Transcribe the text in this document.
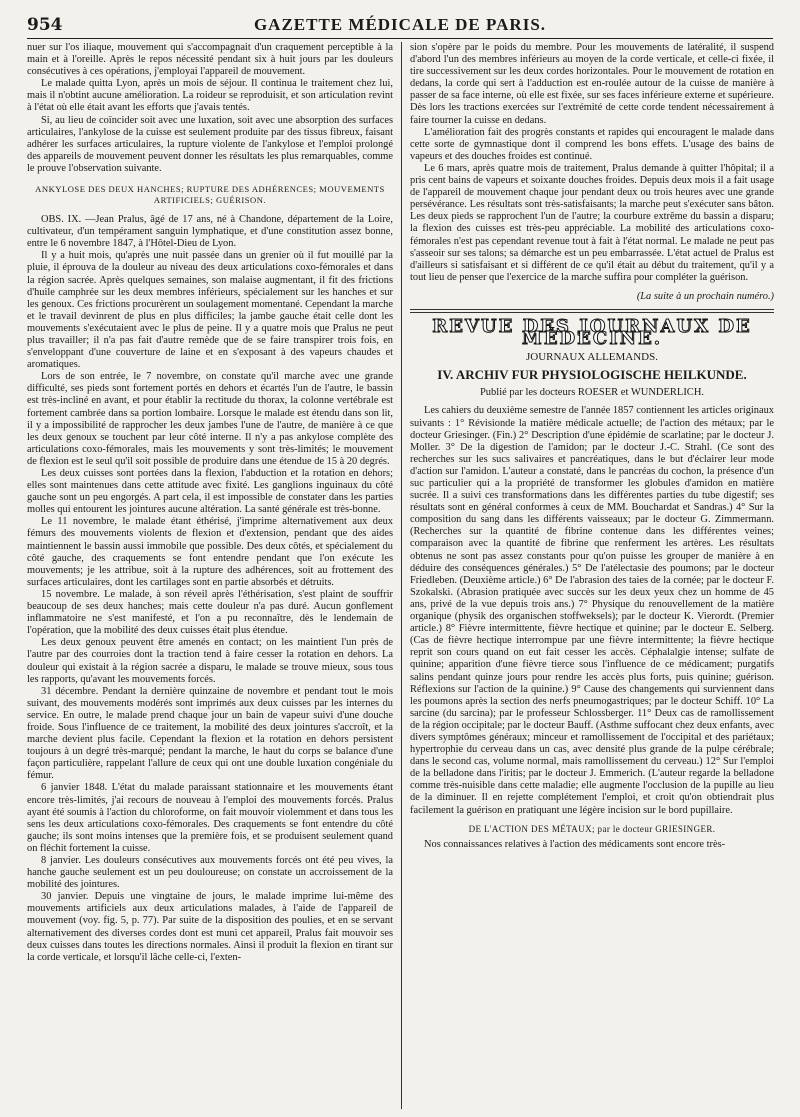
954	GAZETTE MÉDICALE DE PARIS.

nuer sur l'os iliaque, mouvement qui s'accompagnait d'un craquement perceptible à la main et à l'oreille. Après le repos nécessité pendant six à huit jours par les douleurs consécutives à ces opérations, j'employai l'appareil de mouvement.

Le malade quitta Lyon, après un mois de séjour. Il continua le traitement chez lui, mais il n'obtint aucune amélioration. La roideur se reproduisit, et son articulation revint à l'état où elle était avant les efforts que j'avais tentés.

Si, au lieu de coïncider soit avec une luxation, soit avec une absorption des surfaces articulaires, l'ankylose de la cuisse est seulement produite par des tissus fibreux, faisant adhérer les surfaces articulaires, la rupture violente de l'ankylose et l'emploi prolongé des appareils de mouvement peuvent donner les résultats les plus remarquables, comme le prouve l'observation suivante.

ANKYLOSE DES DEUX HANCHES; RUPTURE DES ADHÉRENCES; MOUVEMENTS ARTIFICIELS; GUÉRISON.

OBS. IX. —Jean Pralus, âgé de 17 ans, né à Chandone, département de la Loire, cultivateur, d'un tempérament sanguin lymphatique, et d'une constitution assez bonne, entre le 6 novembre 1847, à l'Hôtel-Dieu de Lyon.

Il y a huit mois, qu'après une nuit passée dans un grenier où il fut mouillé par la pluie, il éprouva de la douleur au niveau des deux articulations coxo-fémorales et dans la région sacrée. Après quelques semaines, son malaise augmentant, il fit des frictions d'huile camphrée sur les deux membres inférieurs, spécialement sur les hanches et sur les genoux. Ces frictions procurèrent un soulagement momentané. Cependant la marche et le travail devinrent de plus en plus difficiles; la jambe gauche était celle dont les mouvements s'exécutaient avec le plus de peine. Il y a quatre mois que Pralus ne peut plus travailler; il n'a pas fait d'autre remède que de se faire transpirer trois fois, en s'enveloppant d'une couverture de laine et en s'exposant à des vapeurs chaudes et aromatiques.

Lors de son entrée, le 7 novembre, on constate qu'il marche avec une grande difficulté, ses pieds sont fortement portés en dehors et écartés l'un de l'autre, le bassin est très-incliné en avant, et pour établir la rectitude du thorax, la colonne vertébrale est fortement cambrée dans sa portion lombaire. Lorsque le malade est étendu dans son lit, il y a impossibilité de rapprocher les deux jambes l'une de l'autre, de manière à ce que les deux genoux se touchent par leur côté interne. Il n'y a pas ankylose complète des articulations coxo-fémorales, mais les mouvements y sont très-limités; le mouvement de flexion est le seul qu'il soit possible de produire dans une étendue de 15 à 20 degrés.

Les deux cuisses sont portées dans la flexion, l'abduction et la rotation en dehors; elles sont maintenues dans cette attitude avec fixité. Les ganglions inguinaux du côté gauche sont un peu engorgés. A part cela, il est impossible de constater dans les parties molles qui entourent les jointures aucune altération. La santé générale est très-bonne.

Le 11 novembre, le malade étant éthérisé, j'imprime alternativement aux deux fémurs des mouvements violents de flexion et d'extension, pendant que des aides maintiennent le bassin aussi immobile que possible. Des deux côtés, et spécialement du côté gauche, des craquements se font entendre pendant que l'on exécute les mouvements; je les attribue, soit à la rupture des adhérences, soit au frottement des surfaces articulaires, dont les cartilages sont en partie absorbés et détruits.

15 novembre. Le malade, à son réveil après l'éthérisation, s'est plaint de souffrir beaucoup de ses deux hanches; mais cette douleur n'a pas duré. Aucun gonflement inflammatoire ne s'est manifesté, et l'on a pu reconnaître, dès le lendemain de l'opération, que la mobilité des deux cuisses était plus étendue.

Les deux genoux peuvent être amenés en contact; on les maintient l'un près de l'autre par des courroies dont la traction tend à faire cesser la rotation en dehors. La douleur qui existait à la région sacrée a disparu, le malade se trouve mieux, sous tous les rapports, qu'avant les mouvements forcés.

31 décembre. Pendant la dernière quinzaine de novembre et pendant tout le mois suivant, des mouvements modérés sont imprimés aux deux cuisses par les internes du service. En outre, le malade prend chaque jour un bain de vapeur suivi d'une douche froide. Sous l'influence de ce traitement, la mobilité des deux jointures s'accroît, et la marche devient plus facile. Cependant la flexion et la rotation en dehors persistent toujours à un degré très-marqué; pendant la marche, le haut du corps se balance d'une façon particulière, rappelant l'allure de ceux qui ont une double luxation congéniale du fémur.

6 janvier 1848. L'état du malade paraissant stationnaire et les mouvements étant encore très-limités, j'ai recours de nouveau à l'emploi des mouvements forcés. Pralus ayant été soumis à l'action du chloroforme, on fait mouvoir violemment et dans tous les sens les deux articulations coxo-fémorales. Des craquements se font entendre du côté gauche; ils sont moins intenses que la première fois, et se produisent seulement quand on fléchit fortement la cuisse.

8 janvier. Les douleurs consécutives aux mouvements forcés ont été peu vives, la hanche gauche seulement est un peu douloureuse; on constate un accroissement de la mobilité des jointures.

30 janvier. Depuis une vingtaine de jours, le malade imprime lui-même des mouvements artificiels aux deux articulations malades, à l'aide de l'appareil de mouvement (voy. fig. 5, p. 77). Par suite de la disposition des poulies, et en se servant alternativement des diverses cordes dont est muni cet appareil, Pralus fait mouvoir ses deux cuisses dans toutes les directions normales. Ainsi il produit la flexion en tirant sur la corde verticale, et lorsqu'il lâche celle-ci, l'exten-

sion s'opère par le poids du membre. Pour les mouvements de latéralité, il suspend d'abord l'un des membres inférieurs au moyen de la corde verticale, et celle-ci fixée, il tire successivement sur les deux cordes horizontales. Pour le mouvement de rotation en dedans, la corde qui sert à l'adduction est en-roulée autour de la cuisse de manière à passer de sa face interne, où elle est fixée, sur ses faces inférieure externe et supérieure. Dès lors les tractions exercées sur l'extrémité de cette corde tendent nécessairement à faire tourner la cuisse en dedans.

L'amélioration fait des progrès constants et rapides qui encouragent le malade dans cette sorte de gymnastique dont il comprend les bons effets. L'usage des bains de vapeurs et des douches froides est continué.

Le 6 mars, après quatre mois de traitement, Pralus demande à quitter l'hôpital; il a pris cent bains de vapeurs et soixante douches froides. Depuis deux mois il a fait usage de l'appareil de mouvement chaque jour pendant deux ou trois heures avec une grande persévérance. Les résultats sont très-satisfaisants; la marche peut s'exécuter sans bâton. Les deux pieds se rapprochent l'un de l'autre; la courbure extrême du bassin a disparu; la flexion des cuisses est très-peu appréciable. La mobilité des articulations coxo-fémorales n'est pas cependant revenue tout à fait à l'état normal. Le malade ne peut pas s'asseoir sur ses talons; sa démarche est un peu embarrassée. L'état actuel de Pralus est d'ailleurs si satisfaisant et si différent de ce qu'il était au début du traitement, qu'il y a tout lieu de penser que l'exercice de la marche suffira pour compléter la guérison.

(La suite à un prochain numéro.)
REVUE DES JOURNAUX DE MÉDECINE.
JOURNAUX ALLEMANDS.
IV. ARCHIV FUR PHYSIOLOGISCHE HEILKUNDE.
Publié par les docteurs ROESER et WUNDERLICH.

Les cahiers du deuxième semestre de l'année 1857 contiennent les articles originaux suivants : 1° Révisionde la matière médicale actuelle; de l'action des métaux; par le docteur Griesinger. (Fin.) 2° Description d'une épidémie de scarlatine; par le docteur J. Moller. 3° De la digestion de l'amidon; par le docteur J.-C. Strahl. (Ce sont des recherches sur les sucs salivaires et pancréatiques, dans le but d'éclairer leur mode d'action sur l'amidon. L'auteur a constaté, dans le pancréas du cochon, la présence d'un suc particulier qui a la propriété de transformer les globules d'amidon en matière sucrée. Il a suivi ces transformations dans les différentes parties du tube digestif; ses résultats sont en général conformes à ceux de MM. Bouchardat et Sandras.) 4° Sur la composition du sang dans les différents vaisseaux; par le docteur G. Zimmermann. (Recherches sur la quantité de fibrine contenue dans les différentes veines; comparaison avec la quantité de fibrine que renferment les artères. Les résultats obtenus ne sont pas assez constants pour qu'on puisse les grouper de manière à en déduire des conséquences générales.) 5° De l'atélectasie des poumons; par le docteur Friedleben. (Deuxième article.) 6° De l'abrasion des taies de la cornée; par le docteur F. Szokalski. (Abrasion pratiquée avec succès sur les deux yeux chez un homme de 45 ans, privé de la vue depuis trois ans.) 7° Physique du renouvellement de la matière organique (physik des organischen stoffweksels); par le docteur K. Vierordt. (Premier article.) 8° Fièvre intermittente, fièvre hectique et quinine; par le docteur E. Selberg. (Cas de fièvre hectique interrompue par une fièvre intermittente; la fièvre hectique reprit son cours quand on eut fait cesser les accès. Céphalalgie intense; sulfate de quinine; apparition d'une fièvre tierce sous l'influence de ce médicament; purgatifs salins pendant quinze jours pour rendre les accès plus forts, puis quinine; guérison. Réflexions sur l'action de la quinine.) 9° Cause des changements qui surviennent dans les poumons après la section des nerfs pneumogastriques; par le docteur Schiff. 10° La sarcine (du sarcina); par le professeur Schlossberger. 11° Deux cas de ramollissement de la région occipitale; par le docteur Bauff. (Asthme suffocant chez deux enfants, avec divers symptômes généraux; minceur et ramollissement de l'occipital et des pariétaux; hypertrophie du cerveau dans un cas, avec densité plus grande de la pulpe cérébrale; dans le second cas, volume normal, mais ramollissement du cerveau.) 12° Sur l'emploi de la belladone dans l'iritis; par le docteur J. Emmerich. (L'auteur regarde la belladone comme très-nuisible dans cette maladie; elle augmente l'occlusion de la pupille au lieu de la diminuer. Il en rejette complétement l'emploi, et croit qu'on obtiendrait plus facilement la guérison en pratiquant une légère incision sur le bord pupillaire.

DE L'ACTION DES MÉTAUX; par le docteur GRIESINGER.

Nos connaissances relatives à l'action des médicaments sont encore très-
